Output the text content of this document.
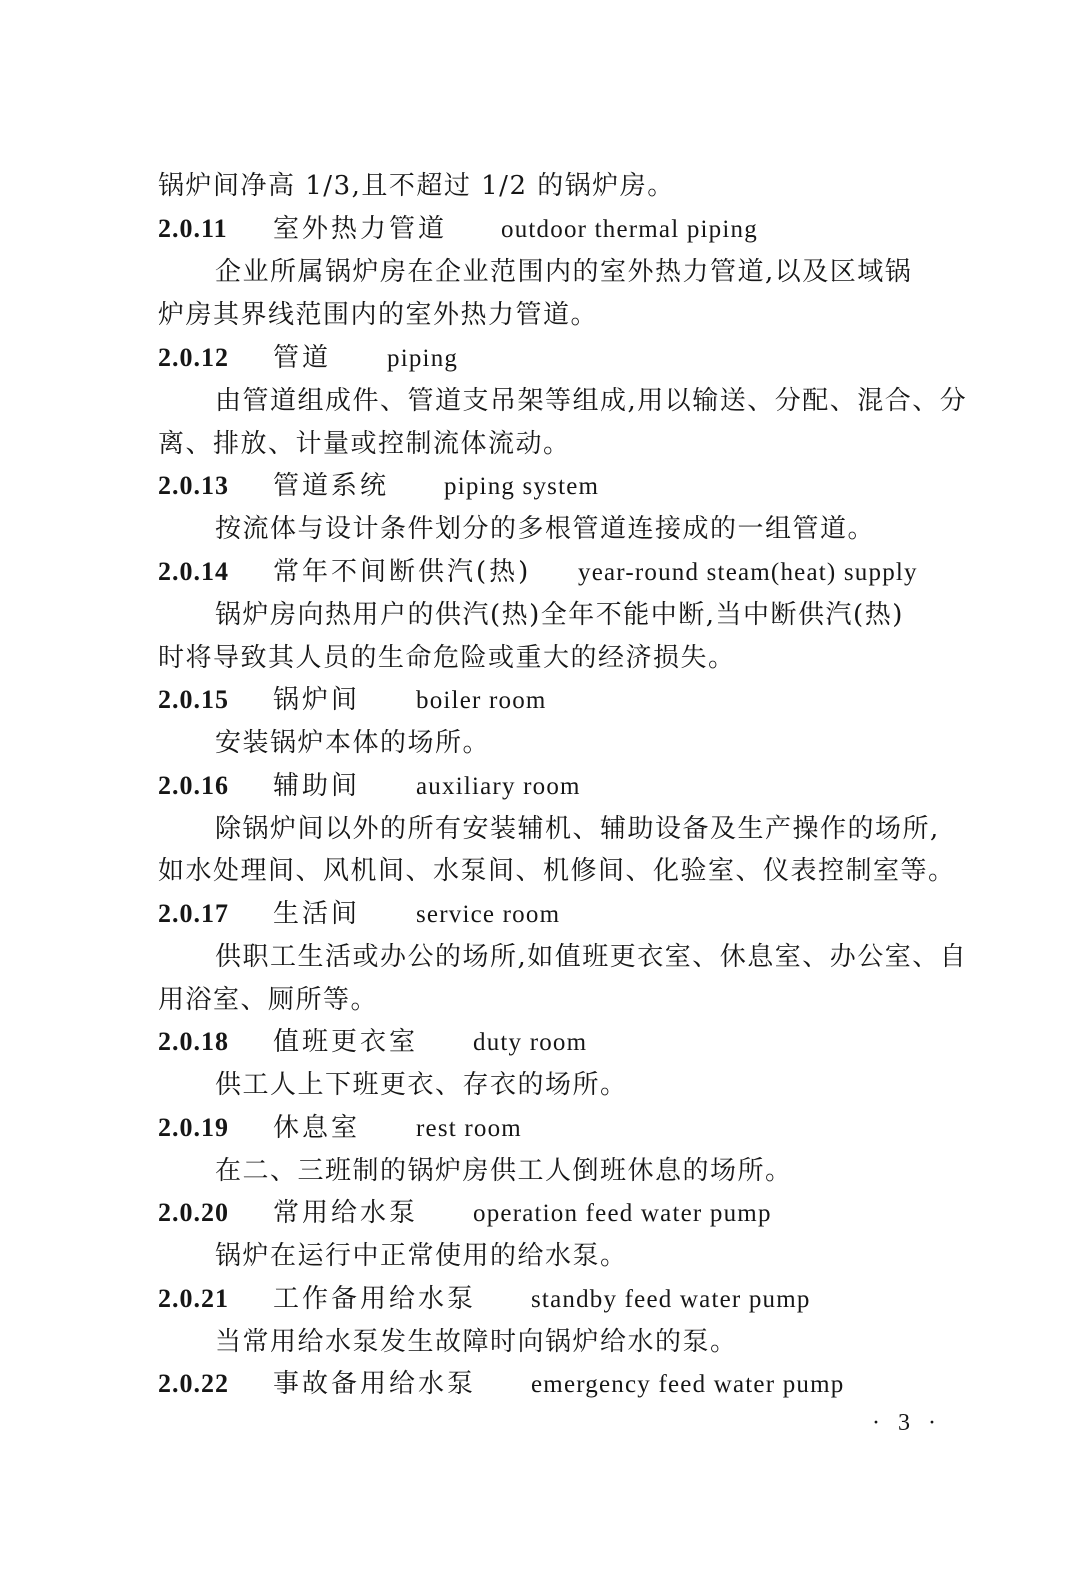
锅炉间净高 1/3,且不超过 1/2 的锅炉房。
2.0.11 室外热力管道 outdoor thermal piping
企业所属锅炉房在企业范围内的室外热力管道,以及区域锅
炉房其界线范围内的室外热力管道。
2.0.12 管道 piping
由管道组成件、管道支吊架等组成,用以输送、分配、混合、分
离、排放、计量或控制流体流动。
2.0.13 管道系统 piping system
按流体与设计条件划分的多根管道连接成的一组管道。
2.0.14 常年不间断供汽(热) year-round steam(heat) supply
锅炉房向热用户的供汽(热)全年不能中断,当中断供汽(热)
时将导致其人员的生命危险或重大的经济损失。
2.0.15 锅炉间 boiler room
安装锅炉本体的场所。
2.0.16 辅助间 auxiliary room
除锅炉间以外的所有安装辅机、辅助设备及生产操作的场所,
如水处理间、风机间、水泵间、机修间、化验室、仪表控制室等。
2.0.17 生活间 service room
供职工生活或办公的场所,如值班更衣室、休息室、办公室、自
用浴室、厕所等。
2.0.18 值班更衣室 duty room
供工人上下班更衣、存衣的场所。
2.0.19 休息室 rest room
在二、三班制的锅炉房供工人倒班休息的场所。
2.0.20 常用给水泵 operation feed water pump
锅炉在运行中正常使用的给水泵。
2.0.21 工作备用给水泵 standby feed water pump
当常用给水泵发生故障时向锅炉给水的泵。
2.0.22 事故备用给水泵 emergency feed water pump
· 3 ·
